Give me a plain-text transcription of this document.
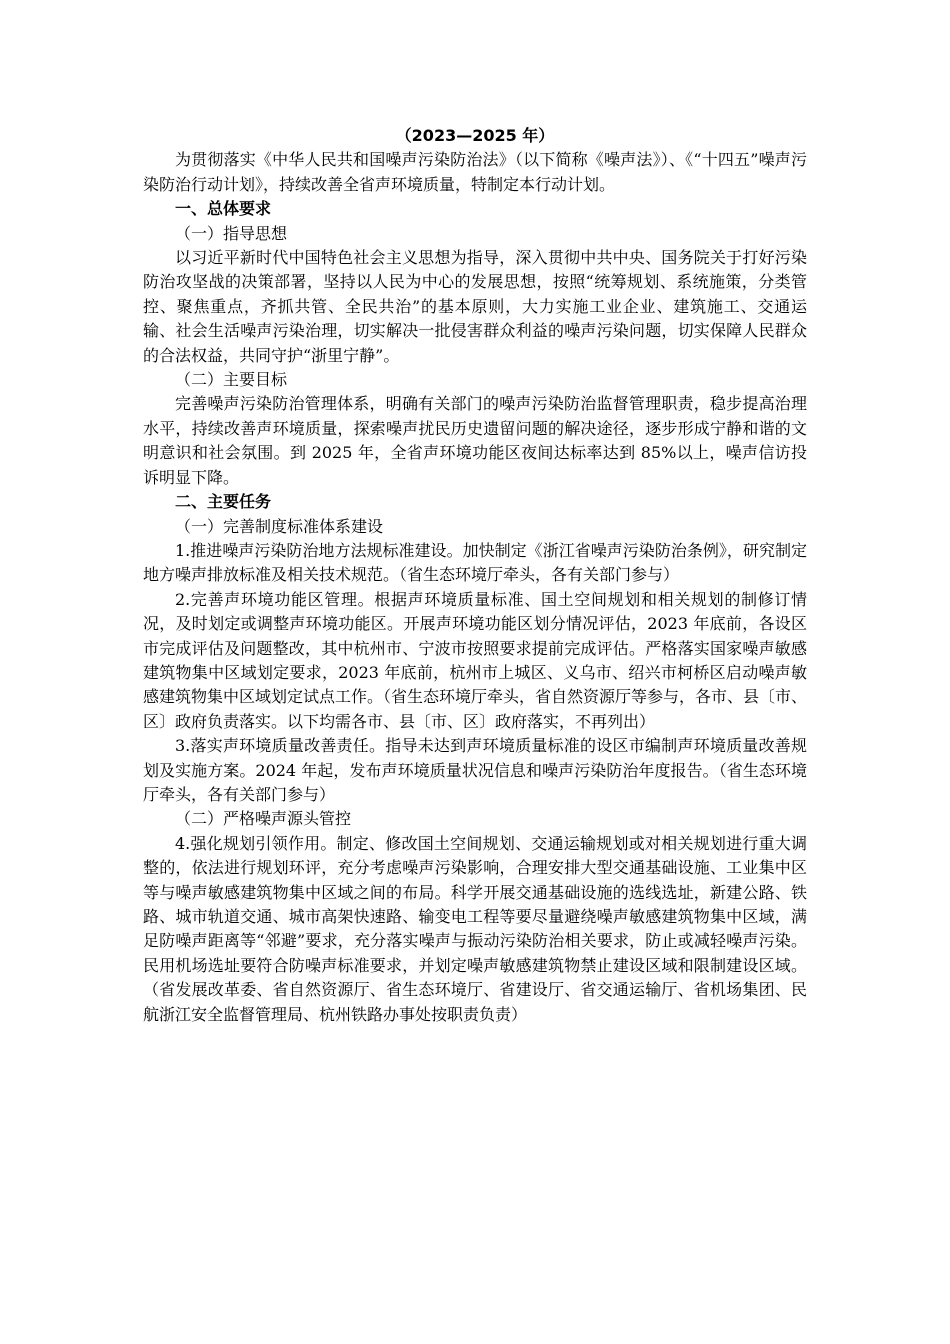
（2023—2025 年）

为贯彻落实《中华人民共和国噪声污染防治法》（以下简称《噪声法》）、《“十四五”噪声污染防治行动计划》，持续改善全省声环境质量，特制定本行动计划。

一、总体要求

（一）指导思想

以习近平新时代中国特色社会主义思想为指导，深入贯彻中共中央、国务院关于打好污染防治攻坚战的决策部署，坚持以人民为中心的发展思想，按照“统筹规划、系统施策，分类管控、聚焦重点，齐抓共管、全民共治”的基本原则，大力实施工业企业、建筑施工、交通运输、社会生活噪声污染治理，切实解决一批侵害群众利益的噪声污染问题，切实保障人民群众的合法权益，共同守护“浙里宁静”。

（二）主要目标

完善噪声污染防治管理体系，明确有关部门的噪声污染防治监督管理职责，稳步提高治理水平，持续改善声环境质量，探索噪声扰民历史遗留问题的解决途径，逐步形成宁静和谐的文明意识和社会氛围。到 2025 年，全省声环境功能区夜间达标率达到 85%以上，噪声信访投诉明显下降。

二、主要任务

（一）完善制度标准体系建设

1.推进噪声污染防治地方法规标准建设。加快制定《浙江省噪声污染防治条例》，研究制定地方噪声排放标准及相关技术规范。（省生态环境厅牵头，各有关部门参与）

2.完善声环境功能区管理。根据声环境质量标准、国土空间规划和相关规划的制修订情况，及时划定或调整声环境功能区。开展声环境功能区划分情况评估，2023 年底前，各设区市完成评估及问题整改，其中杭州市、宁波市按照要求提前完成评估。严格落实国家噪声敏感建筑物集中区域划定要求，2023 年底前，杭州市上城区、义乌市、绍兴市柯桥区启动噪声敏感建筑物集中区域划定试点工作。（省生态环境厅牵头，省自然资源厅等参与，各市、县〔市、区〕政府负责落实。以下均需各市、县〔市、区〕政府落实，不再列出）

3.落实声环境质量改善责任。指导未达到声环境质量标准的设区市编制声环境质量改善规划及实施方案。2024 年起，发布声环境质量状况信息和噪声污染防治年度报告。（省生态环境厅牵头，各有关部门参与）

（二）严格噪声源头管控

4.强化规划引领作用。制定、修改国土空间规划、交通运输规划或对相关规划进行重大调整的，依法进行规划环评，充分考虑噪声污染影响，合理安排大型交通基础设施、工业集中区等与噪声敏感建筑物集中区域之间的布局。科学开展交通基础设施的选线选址，新建公路、铁路、城市轨道交通、城市高架快速路、输变电工程等要尽量避绕噪声敏感建筑物集中区域，满足防噪声距离等“邻避”要求，充分落实噪声与振动污染防治相关要求，防止或减轻噪声污染。民用机场选址要符合防噪声标准要求，并划定噪声敏感建筑物禁止建设区域和限制建设区域。（省发展改革委、省自然资源厅、省生态环境厅、省建设厅、省交通运输厅、省机场集团、民航浙江安全监督管理局、杭州铁路办事处按职责负责）
